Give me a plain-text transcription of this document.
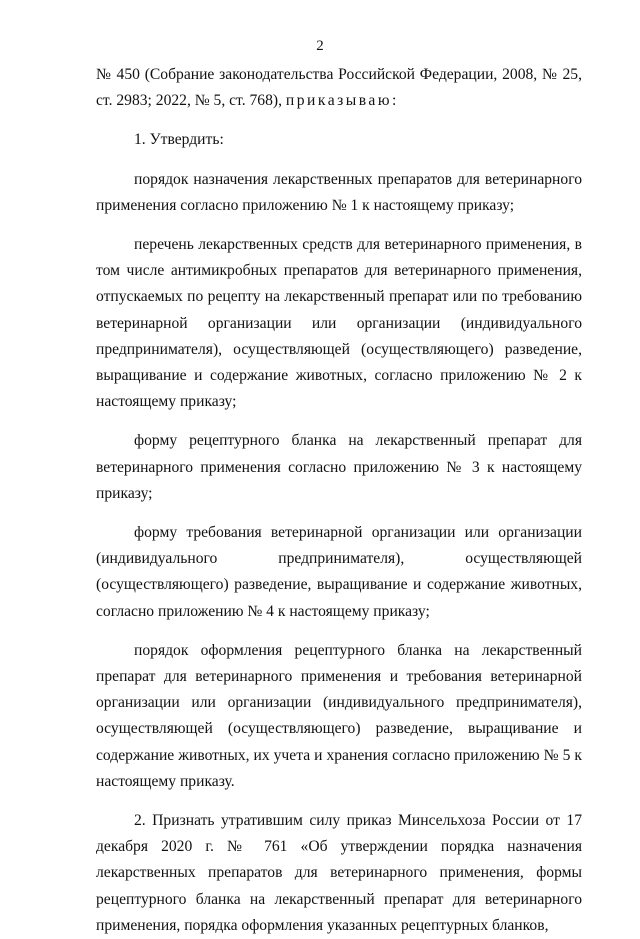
2

№ 450 (Собрание законодательства Российской Федерации, 2008, № 25, ст. 2983; 2022, № 5, ст. 768), приказываю:

1. Утвердить:

порядок назначения лекарственных препаратов для ветеринарного применения согласно приложению № 1 к настоящему приказу;

перечень лекарственных средств для ветеринарного применения, в том числе антимикробных препаратов для ветеринарного применения, отпускаемых по рецепту на лекарственный препарат или по требованию ветеринарной организации или организации (индивидуального предпринимателя), осуществляющей (осуществляющего) разведение, выращивание и содержание животных, согласно приложению № 2 к настоящему приказу;

форму рецептурного бланка на лекарственный препарат для ветеринарного применения согласно приложению № 3 к настоящему приказу;

форму требования ветеринарной организации или организации (индивидуального предпринимателя), осуществляющей (осуществляющего) разведение, выращивание и содержание животных, согласно приложению № 4 к настоящему приказу;

порядок оформления рецептурного бланка на лекарственный препарат для ветеринарного применения и требования ветеринарной организации или организации (индивидуального предпринимателя), осуществляющей (осуществляющего) разведение, выращивание и содержание животных, их учета и хранения согласно приложению № 5 к настоящему приказу.

2. Признать утратившим силу приказ Минсельхоза России от 17 декабря 2020 г. № 761 «Об утверждении порядка назначения лекарственных препаратов для ветеринарного применения, формы рецептурного бланка на лекарственный препарат для ветеринарного применения, порядка оформления указанных рецептурных бланков,
